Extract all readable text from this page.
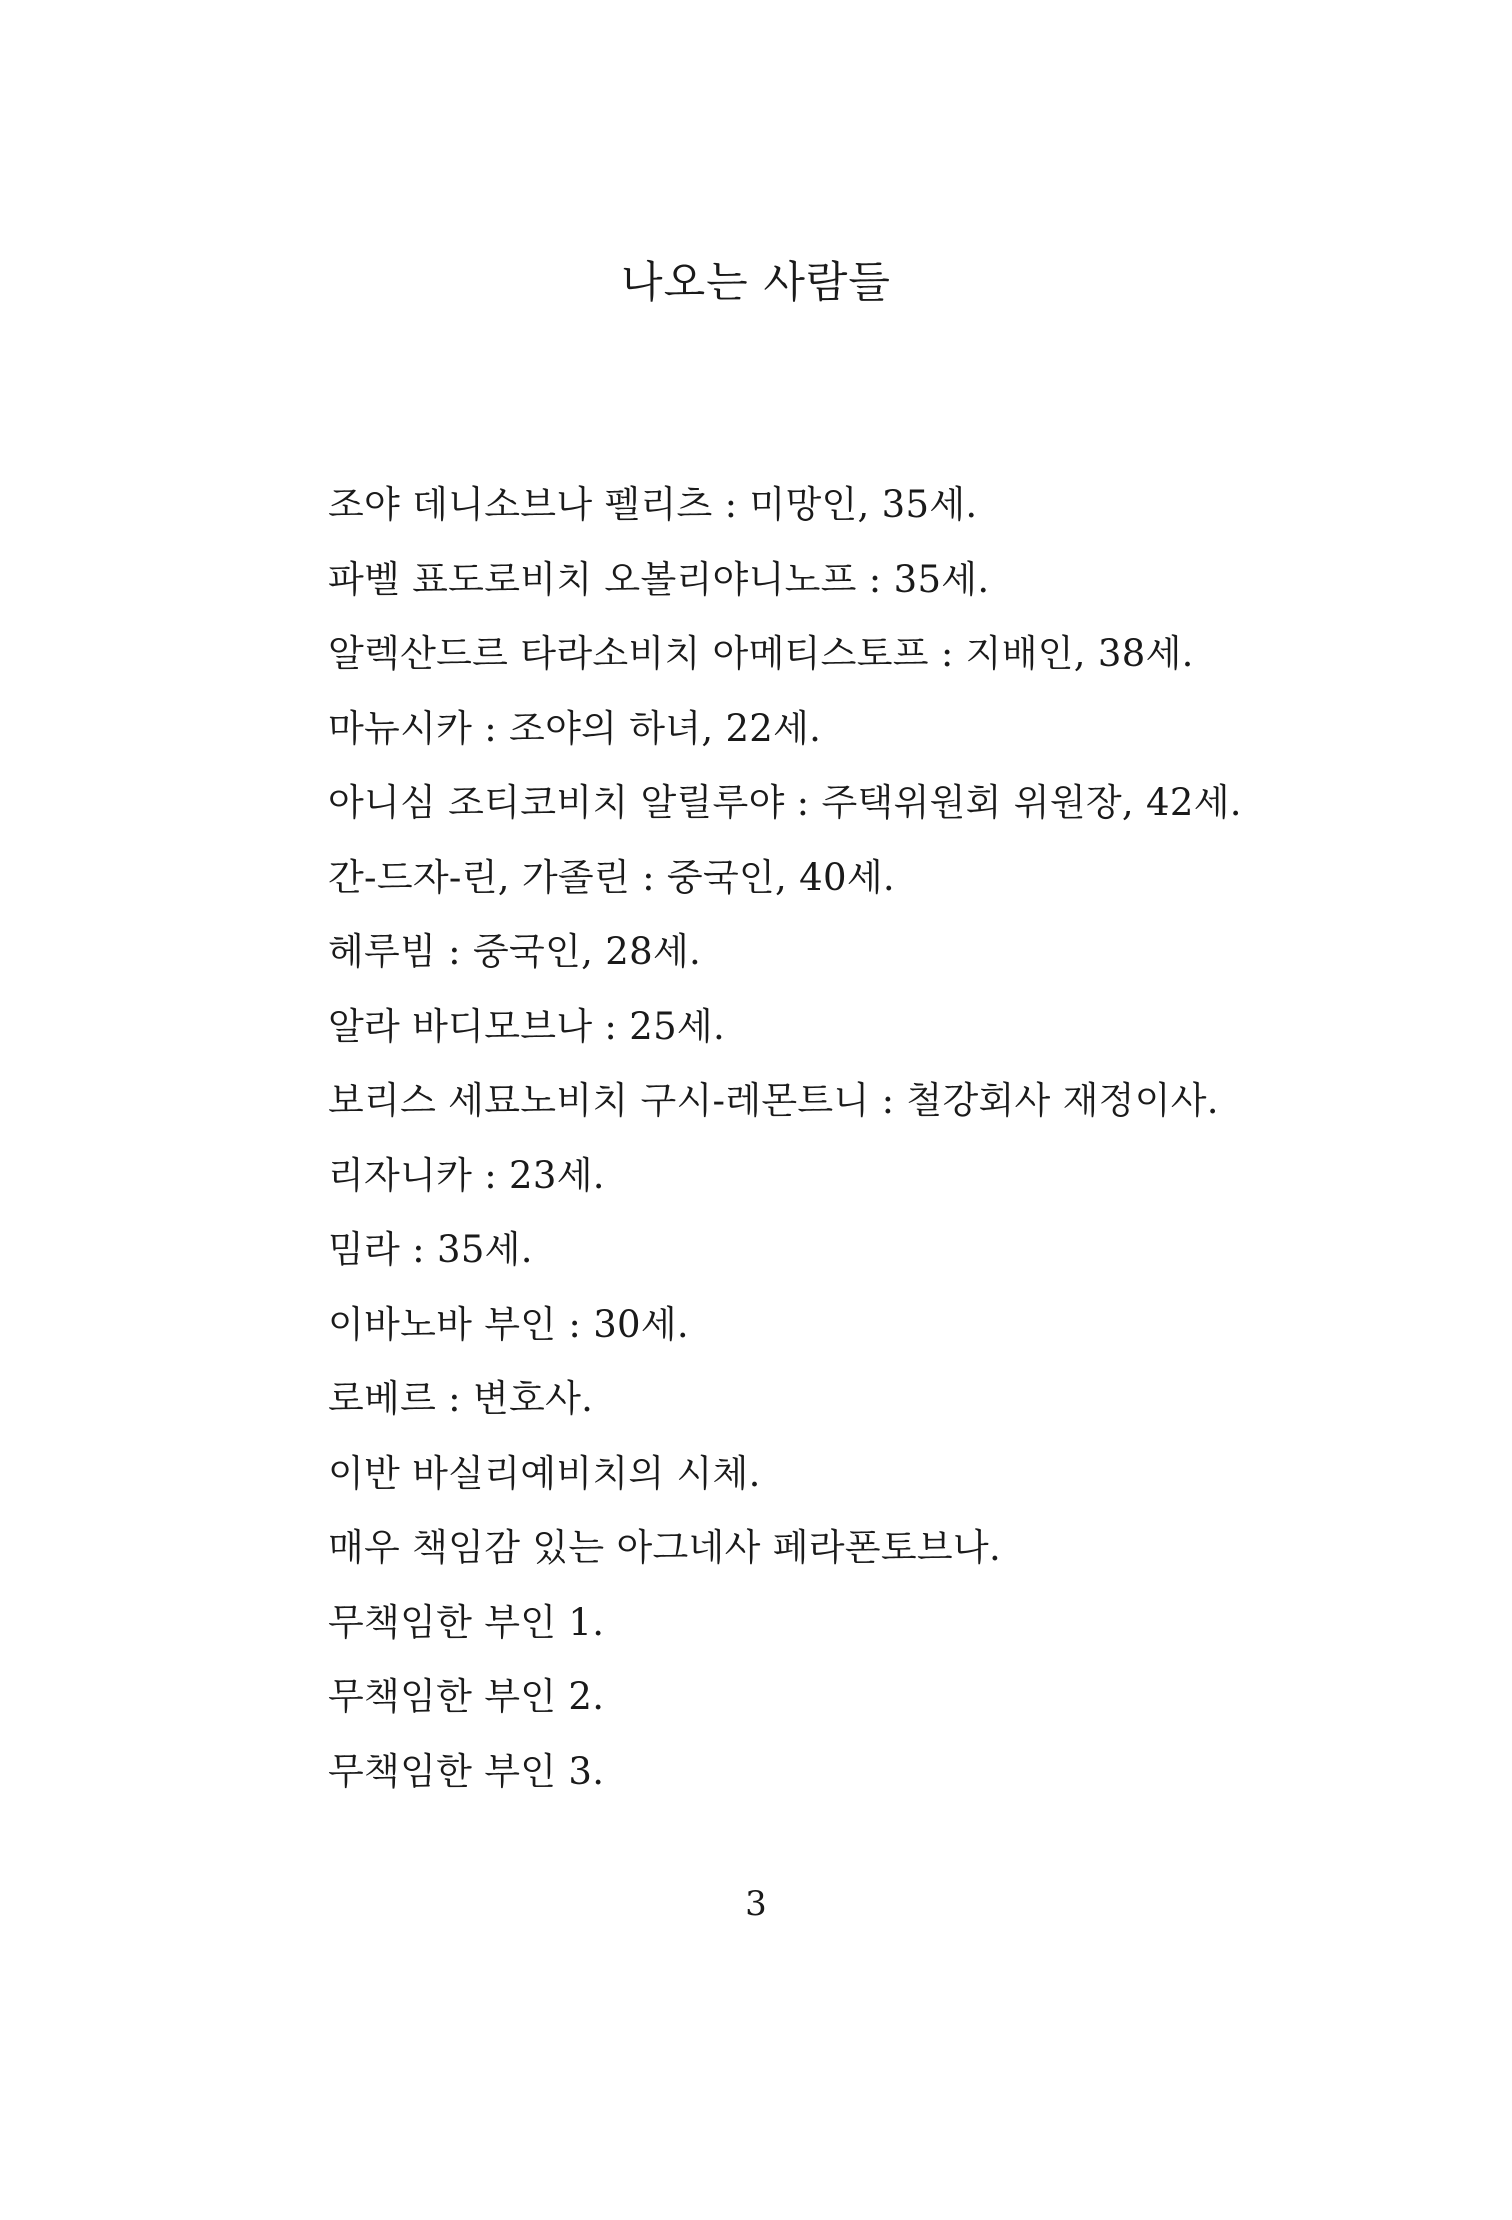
나오는 사람들
조야 데니소브나 펠리츠 : 미망인, 35세.
파벨 표도로비치 오볼리야니노프 : 35세.
알렉산드르 타라소비치 아메티스토프 : 지배인, 38세.
마뉴시카 : 조야의 하녀, 22세.
아니심 조티코비치 알릴루야 : 주택위원회 위원장, 42세.
간-드자-린, 가졸린 : 중국인, 40세.
헤루빔 : 중국인, 28세.
알라 바디모브나 : 25세.
보리스 세묘노비치 구시-레몬트니 : 철강회사 재정이사.
리자니카 : 23세.
밈라 : 35세.
이바노바 부인 : 30세.
로베르 : 변호사.
이반 바실리예비치의 시체.
매우 책임감 있는 아그네사 페라폰토브나.
무책임한 부인 1.
무책임한 부인 2.
무책임한 부인 3.
3
